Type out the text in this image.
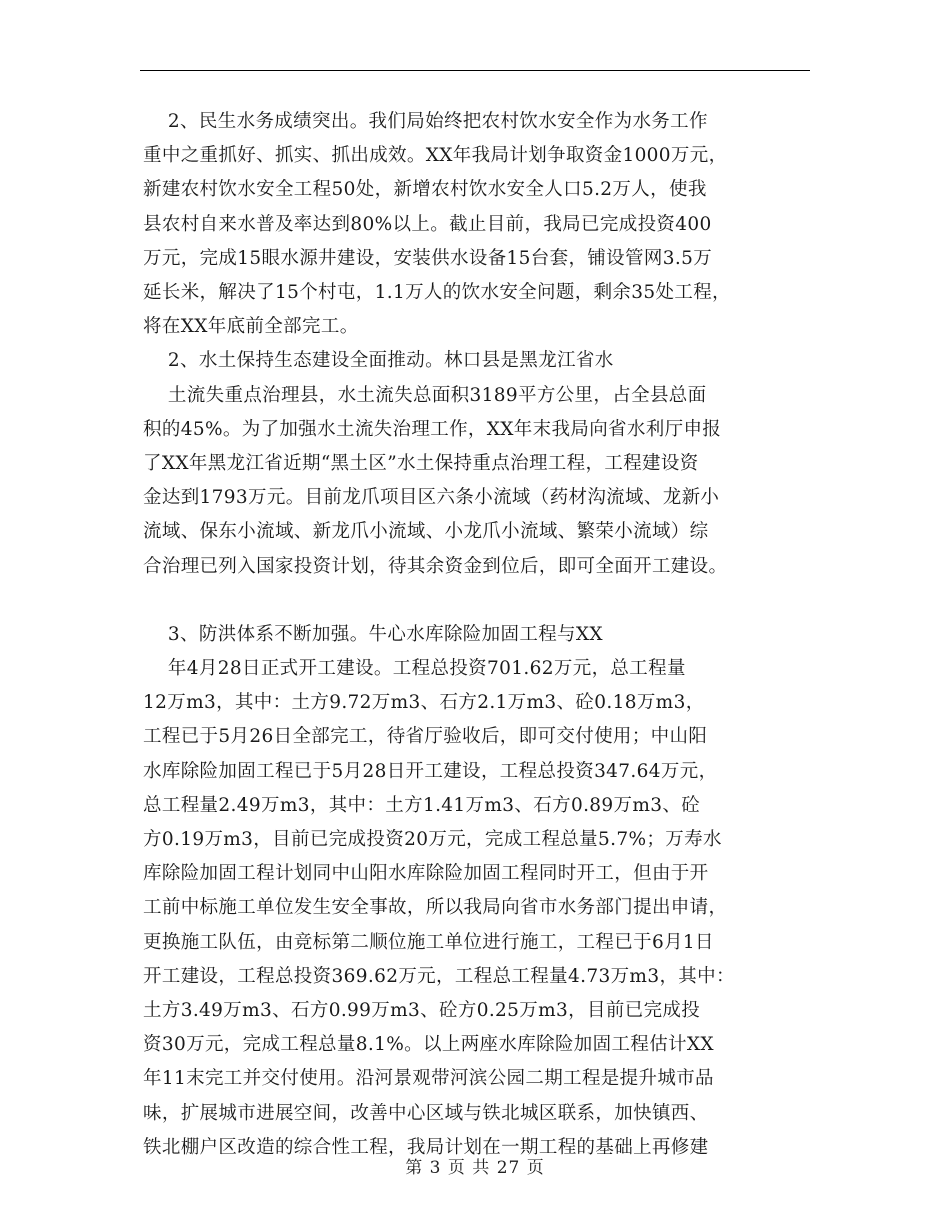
2、民生水务成绩突出。我们局始终把农村饮水安全作为水务工作
重中之重抓好、抓实、抓出成效。XX年我局计划争取资金1000万元，
新建农村饮水安全工程50处，新增农村饮水安全人口5.2万人，使我
县农村自来水普及率达到80%以上。截止目前，我局已完成投资400
万元，完成15眼水源井建设，安装供水设备15台套，铺设管网3.5万
延长米，解决了15个村屯，1.1万人的饮水安全问题，剩余35处工程，
将在XX年底前全部完工。
2、水土保持生态建设全面推动。林口县是黑龙江省水
土流失重点治理县，水土流失总面积3189平方公里，占全县总面
积的45%。为了加强水土流失治理工作，XX年末我局向省水利厅申报
了XX年黑龙江省近期“黑土区”水土保持重点治理工程，工程建设资
金达到1793万元。目前龙爪项目区六条小流域（药材沟流域、龙新小
流域、保东小流域、新龙爪小流域、小龙爪小流域、繁荣小流域）综
合治理已列入国家投资计划，待其余资金到位后，即可全面开工建设。
3、防洪体系不断加强。牛心水库除险加固工程与XX
年4月28日正式开工建设。工程总投资701.62万元，总工程量
12万m3，其中：土方9.72万m3、石方2.1万m3、砼0.18万m3，
工程已于5月26日全部完工，待省厅验收后，即可交付使用；中山阳
水库除险加固工程已于5月28日开工建设，工程总投资347.64万元，
总工程量2.49万m3，其中：土方1.41万m3、石方0.89万m3、砼
方0.19万m3，目前已完成投资20万元，完成工程总量5.7%；万寿水
库除险加固工程计划同中山阳水库除险加固工程同时开工，但由于开
工前中标施工单位发生安全事故，所以我局向省市水务部门提出申请，
更换施工队伍，由竞标第二顺位施工单位进行施工，工程已于6月1日
开工建设，工程总投资369.62万元，工程总工程量4.73万m3，其中：
土方3.49万m3、石方0.99万m3、砼方0.25万m3，目前已完成投
资30万元，完成工程总量8.1%。以上两座水库除险加固工程估计XX
年11末完工并交付使用。沿河景观带河滨公园二期工程是提升城市品
味，扩展城市进展空间，改善中心区域与铁北城区联系，加快镇西、
铁北棚户区改造的综合性工程，我局计划在一期工程的基础上再修建
第 3 页 共 27 页
